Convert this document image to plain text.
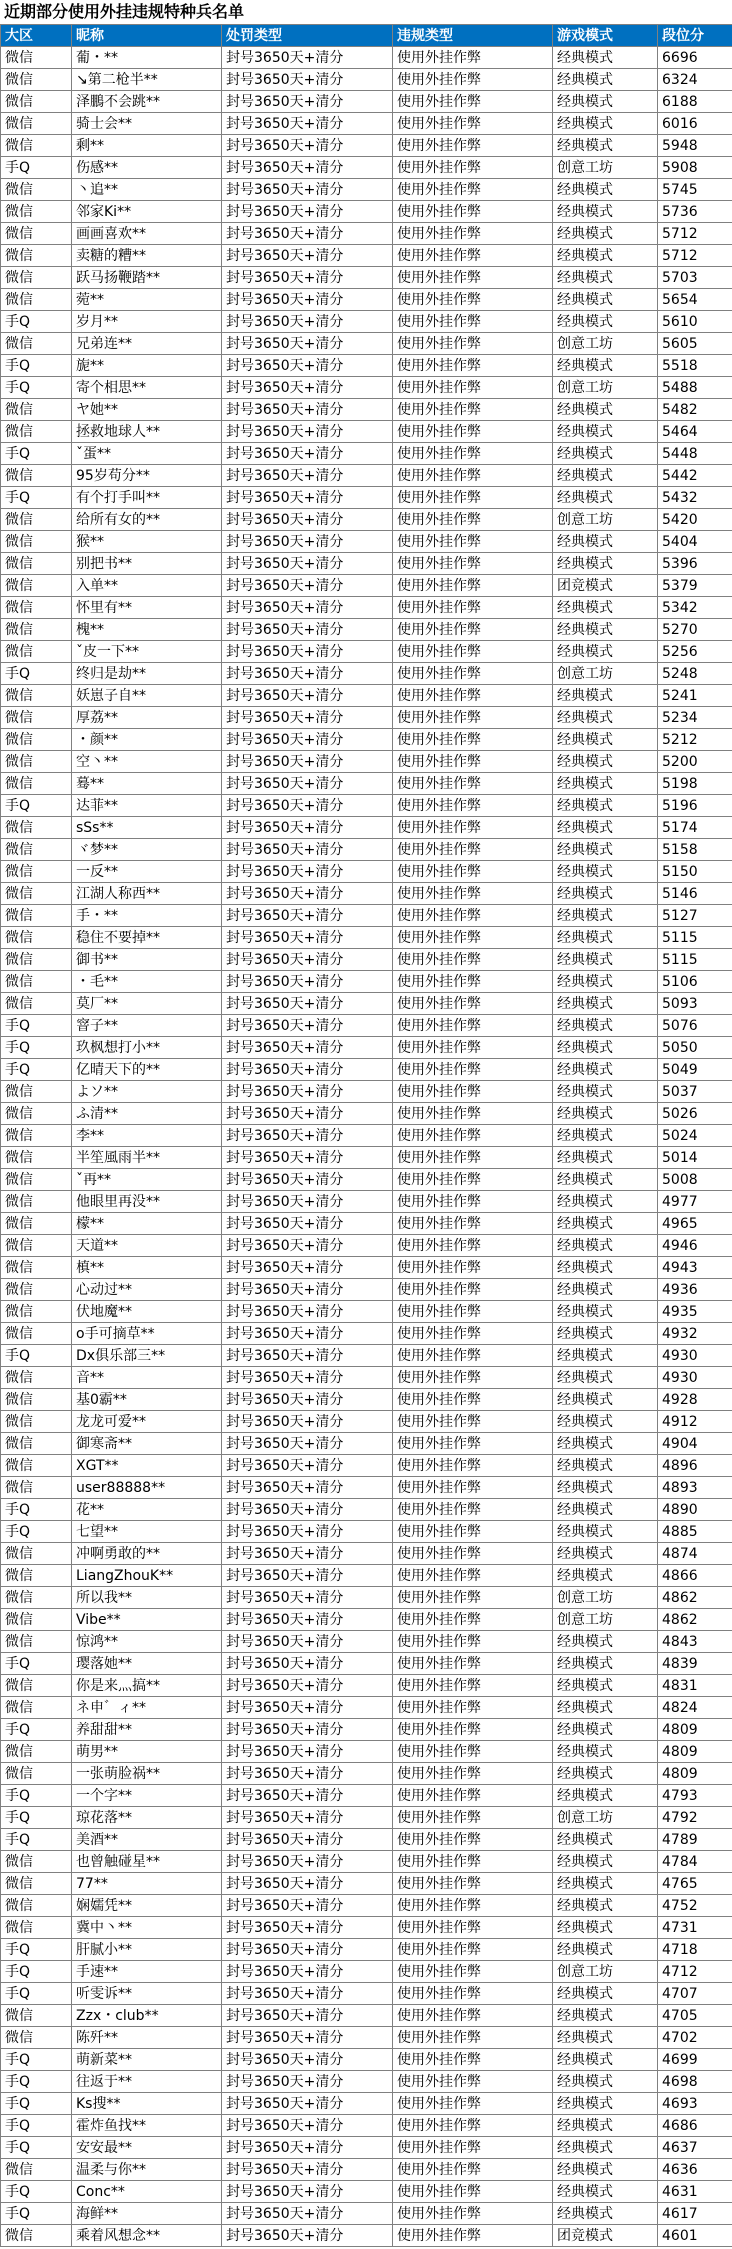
近期部分使用外挂违规特种兵名单
大区	昵称	处罚类型	违规类型	游戏模式	段位分
微信	葡・**	封号3650天+清分	使用外挂作弊	经典模式	6696
微信	↘第二枪半**	封号3650天+清分	使用外挂作弊	经典模式	6324
微信	泽鵬不会跳**	封号3650天+清分	使用外挂作弊	经典模式	6188
微信	骑士会**	封号3650天+清分	使用外挂作弊	经典模式	6016
微信	剩**	封号3650天+清分	使用外挂作弊	经典模式	5948
手Q	伤感**	封号3650天+清分	使用外挂作弊	创意工坊	5908
微信	丶追**	封号3650天+清分	使用外挂作弊	经典模式	5745
微信	邻家Ki**	封号3650天+清分	使用外挂作弊	经典模式	5736
微信	画画喜欢**	封号3650天+清分	使用外挂作弊	经典模式	5712
微信	卖糖的糟**	封号3650天+清分	使用外挂作弊	经典模式	5712
微信	跃马扬鞭踏**	封号3650天+清分	使用外挂作弊	经典模式	5703
微信	菀**	封号3650天+清分	使用外挂作弊	经典模式	5654
手Q	岁月**	封号3650天+清分	使用外挂作弊	经典模式	5610
微信	兄弟连**	封号3650天+清分	使用外挂作弊	创意工坊	5605
手Q	旎**	封号3650天+清分	使用外挂作弊	经典模式	5518
手Q	寄个相思**	封号3650天+清分	使用外挂作弊	创意工坊	5488
微信	ヤ她**	封号3650天+清分	使用外挂作弊	经典模式	5482
微信	拯救地球人**	封号3650天+清分	使用外挂作弊	经典模式	5464
手Q	ˇ蛋**	封号3650天+清分	使用外挂作弊	经典模式	5448
微信	95岁苟分**	封号3650天+清分	使用外挂作弊	经典模式	5442
手Q	有个打手叫**	封号3650天+清分	使用外挂作弊	经典模式	5432
微信	给所有女的**	封号3650天+清分	使用外挂作弊	创意工坊	5420
微信	猴**	封号3650天+清分	使用外挂作弊	经典模式	5404
微信	别把书**	封号3650天+清分	使用外挂作弊	经典模式	5396
微信	入单**	封号3650天+清分	使用外挂作弊	团竞模式	5379
微信	怀里有**	封号3650天+清分	使用外挂作弊	经典模式	5342
微信	槐**	封号3650天+清分	使用外挂作弊	经典模式	5270
微信	ˇ皮一下**	封号3650天+清分	使用外挂作弊	经典模式	5256
手Q	终归是劫**	封号3650天+清分	使用外挂作弊	创意工坊	5248
微信	妖崽子自**	封号3650天+清分	使用外挂作弊	经典模式	5241
微信	厚荔**	封号3650天+清分	使用外挂作弊	经典模式	5234
微信	・颜**	封号3650天+清分	使用外挂作弊	经典模式	5212
微信	空丶**	封号3650天+清分	使用外挂作弊	经典模式	5200
微信	蓦**	封号3650天+清分	使用外挂作弊	经典模式	5198
手Q	达菲**	封号3650天+清分	使用外挂作弊	经典模式	5196
微信	sSs**	封号3650天+清分	使用外挂作弊	经典模式	5174
微信	ヾ梦**	封号3650天+清分	使用外挂作弊	经典模式	5158
微信	一反**	封号3650天+清分	使用外挂作弊	经典模式	5150
微信	江湖人称西**	封号3650天+清分	使用外挂作弊	经典模式	5146
微信	手・**	封号3650天+清分	使用外挂作弊	经典模式	5127
微信	稳住不要掉**	封号3650天+清分	使用外挂作弊	经典模式	5115
微信	御书**	封号3650天+清分	使用外挂作弊	经典模式	5115
微信	・毛**	封号3650天+清分	使用外挂作弊	经典模式	5106
微信	莫厂**	封号3650天+清分	使用外挂作弊	经典模式	5093
手Q	窨子**	封号3650天+清分	使用外挂作弊	经典模式	5076
手Q	玖枫想打小**	封号3650天+清分	使用外挂作弊	经典模式	5050
手Q	亿晴天下的**	封号3650天+清分	使用外挂作弊	经典模式	5049
微信	よソ**	封号3650天+清分	使用外挂作弊	经典模式	5037
微信	ふ清**	封号3650天+清分	使用外挂作弊	经典模式	5026
微信	李**	封号3650天+清分	使用外挂作弊	经典模式	5024
微信	半笙風雨半**	封号3650天+清分	使用外挂作弊	经典模式	5014
微信	ˇ再**	封号3650天+清分	使用外挂作弊	经典模式	5008
微信	他眼里再没**	封号3650天+清分	使用外挂作弊	经典模式	4977
微信	檬**	封号3650天+清分	使用外挂作弊	经典模式	4965
微信	天道**	封号3650天+清分	使用外挂作弊	经典模式	4946
微信	槙**	封号3650天+清分	使用外挂作弊	经典模式	4943
微信	心动过**	封号3650天+清分	使用外挂作弊	经典模式	4936
微信	伏地魔**	封号3650天+清分	使用外挂作弊	经典模式	4935
微信	o手可摘草**	封号3650天+清分	使用外挂作弊	经典模式	4932
手Q	Dx俱乐部三**	封号3650天+清分	使用外挂作弊	经典模式	4930
微信	音**	封号3650天+清分	使用外挂作弊	经典模式	4930
微信	基0霸**	封号3650天+清分	使用外挂作弊	经典模式	4928
微信	龙龙可爱**	封号3650天+清分	使用外挂作弊	经典模式	4912
微信	御寒斋**	封号3650天+清分	使用外挂作弊	经典模式	4904
微信	XGT**	封号3650天+清分	使用外挂作弊	经典模式	4896
微信	user88888**	封号3650天+清分	使用外挂作弊	经典模式	4893
手Q	花**	封号3650天+清分	使用外挂作弊	经典模式	4890
手Q	七望**	封号3650天+清分	使用外挂作弊	经典模式	4885
微信	冲啊勇敢的**	封号3650天+清分	使用外挂作弊	经典模式	4874
微信	LiangZhouK**	封号3650天+清分	使用外挂作弊	经典模式	4866
微信	所以我**	封号3650天+清分	使用外挂作弊	创意工坊	4862
微信	Vibe**	封号3650天+清分	使用外挂作弊	创意工坊	4862
微信	惊鸿**	封号3650天+清分	使用外挂作弊	经典模式	4843
手Q	璎落她**	封号3650天+清分	使用外挂作弊	经典模式	4839
微信	你是来灬搞**	封号3650天+清分	使用外挂作弊	经典模式	4831
微信	ネ申゛ィ**	封号3650天+清分	使用外挂作弊	经典模式	4824
手Q	养甜甜**	封号3650天+清分	使用外挂作弊	经典模式	4809
微信	萌男**	封号3650天+清分	使用外挂作弊	经典模式	4809
微信	一张萌脸祸**	封号3650天+清分	使用外挂作弊	经典模式	4809
手Q	一个字**	封号3650天+清分	使用外挂作弊	经典模式	4793
手Q	琼花落**	封号3650天+清分	使用外挂作弊	创意工坊	4792
手Q	美酒**	封号3650天+清分	使用外挂作弊	经典模式	4789
微信	也曾触碰星**	封号3650天+清分	使用外挂作弊	经典模式	4784
微信	77**	封号3650天+清分	使用外挂作弊	经典模式	4765
微信	娴嬬凭**	封号3650天+清分	使用外挂作弊	经典模式	4752
微信	冀中丶**	封号3650天+清分	使用外挂作弊	经典模式	4731
手Q	肝腻小**	封号3650天+清分	使用外挂作弊	经典模式	4718
手Q	手速**	封号3650天+清分	使用外挂作弊	创意工坊	4712
手Q	听雯诉**	封号3650天+清分	使用外挂作弊	经典模式	4707
微信	Zzx・club**	封号3650天+清分	使用外挂作弊	经典模式	4705
微信	陈歼**	封号3650天+清分	使用外挂作弊	经典模式	4702
手Q	萌新菜**	封号3650天+清分	使用外挂作弊	经典模式	4699
手Q	往返于**	封号3650天+清分	使用外挂作弊	经典模式	4698
手Q	Ks搜**	封号3650天+清分	使用外挂作弊	经典模式	4693
手Q	霍炸鱼找**	封号3650天+清分	使用外挂作弊	经典模式	4686
手Q	安安最**	封号3650天+清分	使用外挂作弊	经典模式	4637
微信	温柔与你**	封号3650天+清分	使用外挂作弊	经典模式	4636
手Q	Conc**	封号3650天+清分	使用外挂作弊	经典模式	4631
手Q	海鲜**	封号3650天+清分	使用外挂作弊	经典模式	4617
微信	乘着风想念**	封号3650天+清分	使用外挂作弊	团竞模式	4601
